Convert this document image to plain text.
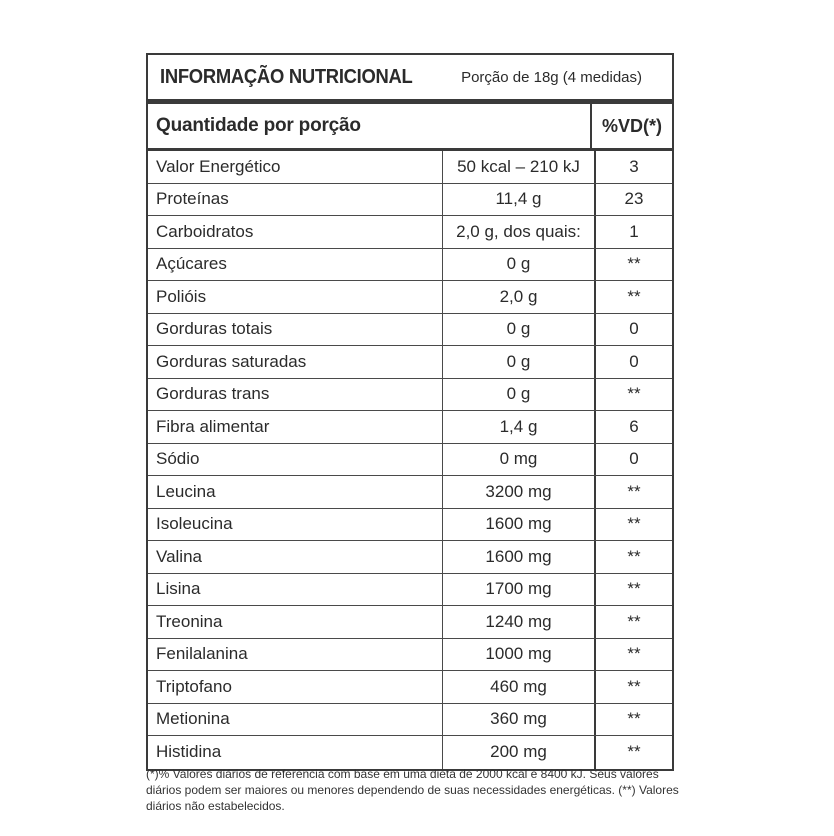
INFORMAÇÃO NUTRICIONAL	Porção de 18g (4 medidas)
Quantidade por porção	%VD(*)
Valor Energético	50 kcal – 210 kJ	3
Proteínas	11,4 g	23
Carboidratos	2,0 g, dos quais:	1
Açúcares	0 g	**
Polióis	2,0 g	**
Gorduras totais	0 g	0
Gorduras saturadas	0 g	0
Gorduras trans	0 g	**
Fibra alimentar	1,4 g	6
Sódio	0 mg	0
Leucina	3200 mg	**
Isoleucina	1600 mg	**
Valina	1600 mg	**
Lisina	1700 mg	**
Treonina	1240 mg	**
Fenilalanina	1000 mg	**
Triptofano	460 mg	**
Metionina	360 mg	**
Histidina	200 mg	**
(*)% Valores diários de referência com base em uma dieta de 2000 kcal e 8400 kJ. Seus valores diários podem ser maiores ou menores dependendo de suas necessidades energéticas. (**) Valores diários não estabelecidos.
